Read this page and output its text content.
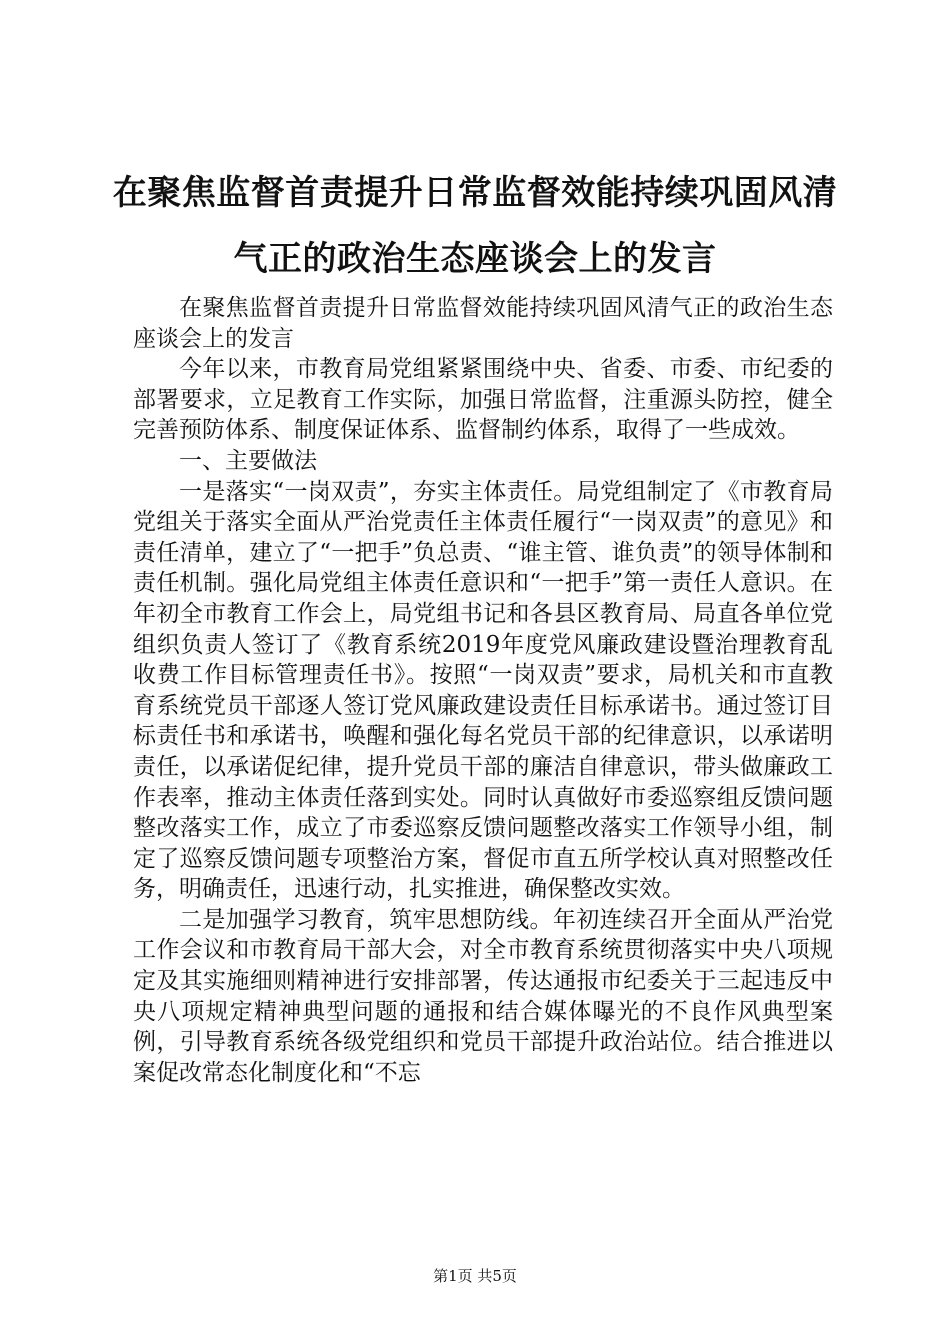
在聚焦监督首责提升日常监督效能持续巩固风清气正的政治生态座谈会上的发言

在聚焦监督首责提升日常监督效能持续巩固风清气正的政治生态座谈会上的发言

今年以来，市教育局党组紧紧围绕中央、省委、市委、市纪委的部署要求，立足教育工作实际，加强日常监督，注重源头防控，健全完善预防体系、制度保证体系、监督制约体系，取得了一些成效。

一、主要做法

一是落实“一岗双责”，夯实主体责任。局党组制定了《市教育局党组关于落实全面从严治党责任主体责任履行“一岗双责”的意见》和责任清单，建立了“一把手”负总责、“谁主管、谁负责”的领导体制和责任机制。强化局党组主体责任意识和“一把手”第一责任人意识。在年初全市教育工作会上，局党组书记和各县区教育局、局直各单位党组织负责人签订了《教育系统2019年度党风廉政建设暨治理教育乱收费工作目标管理责任书》。按照“一岗双责”要求，局机关和市直教育系统党员干部逐人签订党风廉政建设责任目标承诺书。通过签订目标责任书和承诺书，唤醒和强化每名党员干部的纪律意识，以承诺明责任，以承诺促纪律，提升党员干部的廉洁自律意识，带头做廉政工作表率，推动主体责任落到实处。同时认真做好市委巡察组反馈问题整改落实工作，成立了市委巡察反馈问题整改落实工作领导小组，制定了巡察反馈问题专项整治方案，督促市直五所学校认真对照整改任务，明确责任，迅速行动，扎实推进，确保整改实效。

二是加强学习教育，筑牢思想防线。年初连续召开全面从严治党工作会议和市教育局干部大会，对全市教育系统贯彻落实中央八项规定及其实施细则精神进行安排部署，传达通报市纪委关于三起违反中央八项规定精神典型问题的通报和结合媒体曝光的不良作风典型案例，引导教育系统各级党组织和党员干部提升政治站位。结合推进以案促改常态化制度化和“不忘

第1页 共5页
